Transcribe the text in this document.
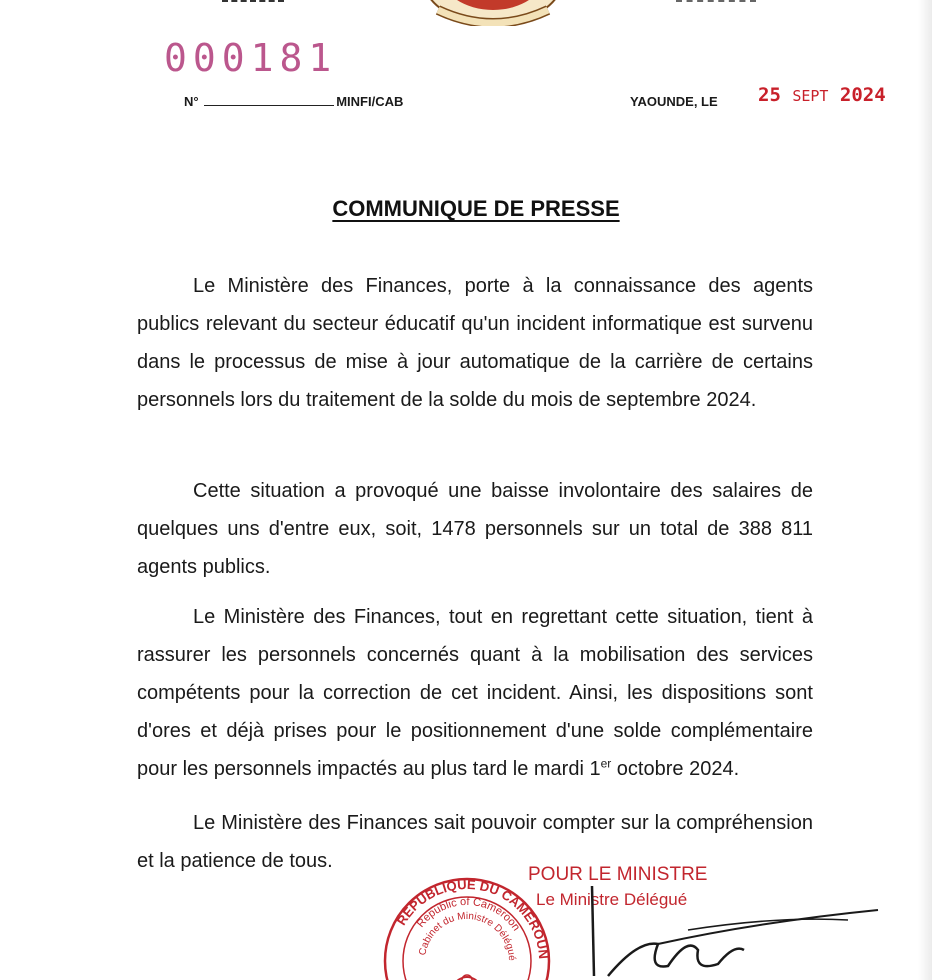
000181
N°	MINFI/CAB	YAOUNDE, LE 25 SEPT 2024
COMMUNIQUE DE PRESSE

Le Ministère des Finances, porte à la connaissance des agents publics relevant du secteur éducatif qu'un incident informatique est survenu dans le processus de mise à jour automatique de la carrière de certains personnels lors du traitement de la solde du mois de septembre 2024.

Cette situation a provoqué une baisse involontaire des salaires de quelques uns d'entre eux, soit, 1478 personnels sur un total de 388 811 agents publics.

Le Ministère des Finances, tout en regrettant cette situation, tient à rassurer les personnels concernés quant à la mobilisation des services compétents pour la correction de cet incident. Ainsi, les dispositions sont d'ores et déjà prises pour le positionnement d'une solde complémentaire pour les personnels impactés au plus tard le mardi 1er octobre 2024.

Le Ministère des Finances sait pouvoir compter sur la compréhension et la patience de tous.

REPUBLIQUE DU CAMEROUN
Republic of Cameroon
Cabinet du Ministre Délégué
POUR LE MINISTRE
Le Ministre Délégué
